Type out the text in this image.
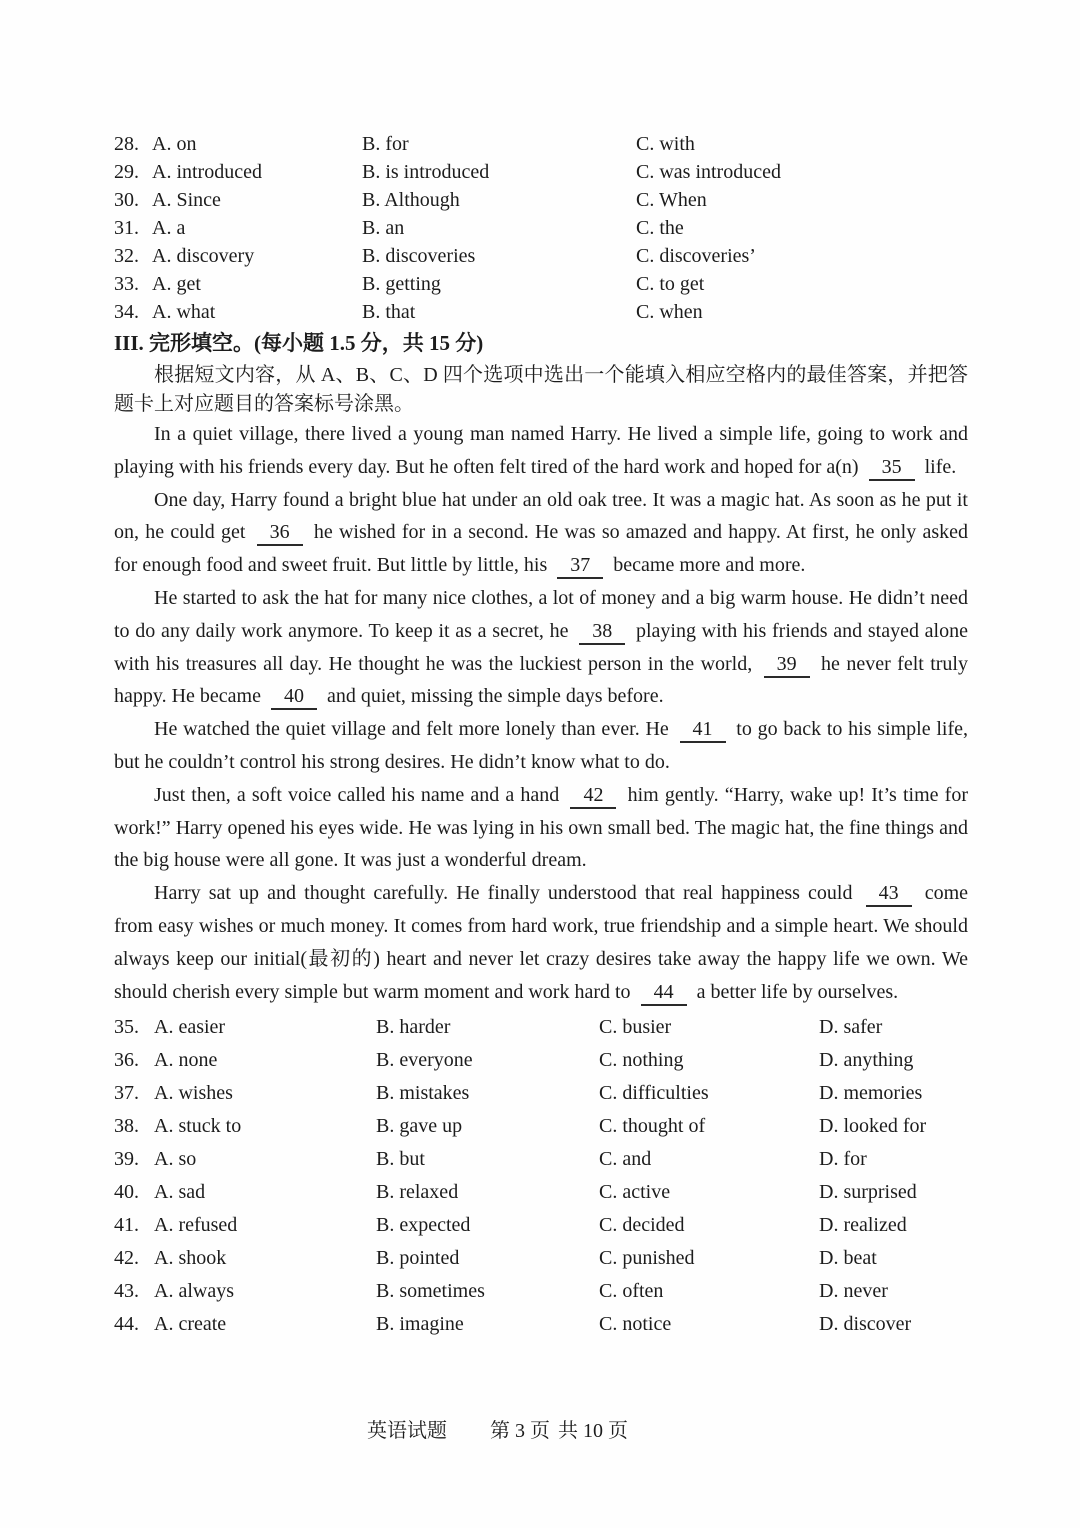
28. A. on	B. for	C. with
29. A. introduced	B. is introduced	C. was introduced
30. A. Since	B. Although	C. When
31. A. a	B. an	C. the
32. A. discovery	B. discoveries	C. discoveries’
33. A. get	B. getting	C. to get
34. A. what	B. that	C. when

III. 完形填空。(每小题 1.5 分，共 15 分)

根据短文内容，从 A、B、C、D 四个选项中选出一个能填入相应空格内的最佳答案，并把答题卡上对应题目的答案标号涂黑。

In a quiet village, there lived a young man named Harry. He lived a simple life, going to work and playing with his friends every day. But he often felt tired of the hard work and hoped for a(n) 35 life.

One day, Harry found a bright blue hat under an old oak tree. It was a magic hat. As soon as he put it on, he could get 36 he wished for in a second. He was so amazed and happy. At first, he only asked for enough food and sweet fruit. But little by little, his 37 became more and more.

He started to ask the hat for many nice clothes, a lot of money and a big warm house. He didn’t need to do any daily work anymore. To keep it as a secret, he 38 playing with his friends and stayed alone with his treasures all day. He thought he was the luckiest person in the world, 39 he never felt truly happy. He became 40 and quiet, missing the simple days before.

He watched the quiet village and felt more lonely than ever. He 41 to go back to his simple life, but he couldn’t control his strong desires. He didn’t know what to do.

Just then, a soft voice called his name and a hand 42 him gently. “Harry, wake up! It’s time for work!” Harry opened his eyes wide. He was lying in his own small bed. The magic hat, the fine things and the big house were all gone. It was just a wonderful dream.

Harry sat up and thought carefully. He finally understood that real happiness could 43 come from easy wishes or much money. It comes from hard work, true friendship and a simple heart. We should always keep our initial(最初的) heart and never let crazy desires take away the happy life we own. We should cherish every simple but warm moment and work hard to 44 a better life by ourselves.

35. A. easier	B. harder	C. busier	D. safer
36. A. none	B. everyone	C. nothing	D. anything
37. A. wishes	B. mistakes	C. difficulties	D. memories
38. A. stuck to	B. gave up	C. thought of	D. looked for
39. A. so	B. but	C. and	D. for
40. A. sad	B. relaxed	C. active	D. surprised
41. A. refused	B. expected	C. decided	D. realized
42. A. shook	B. pointed	C. punished	D. beat
43. A. always	B. sometimes	C. often	D. never
44. A. create	B. imagine	C. notice	D. discover
英语试题 第 3 页 共 10 页
